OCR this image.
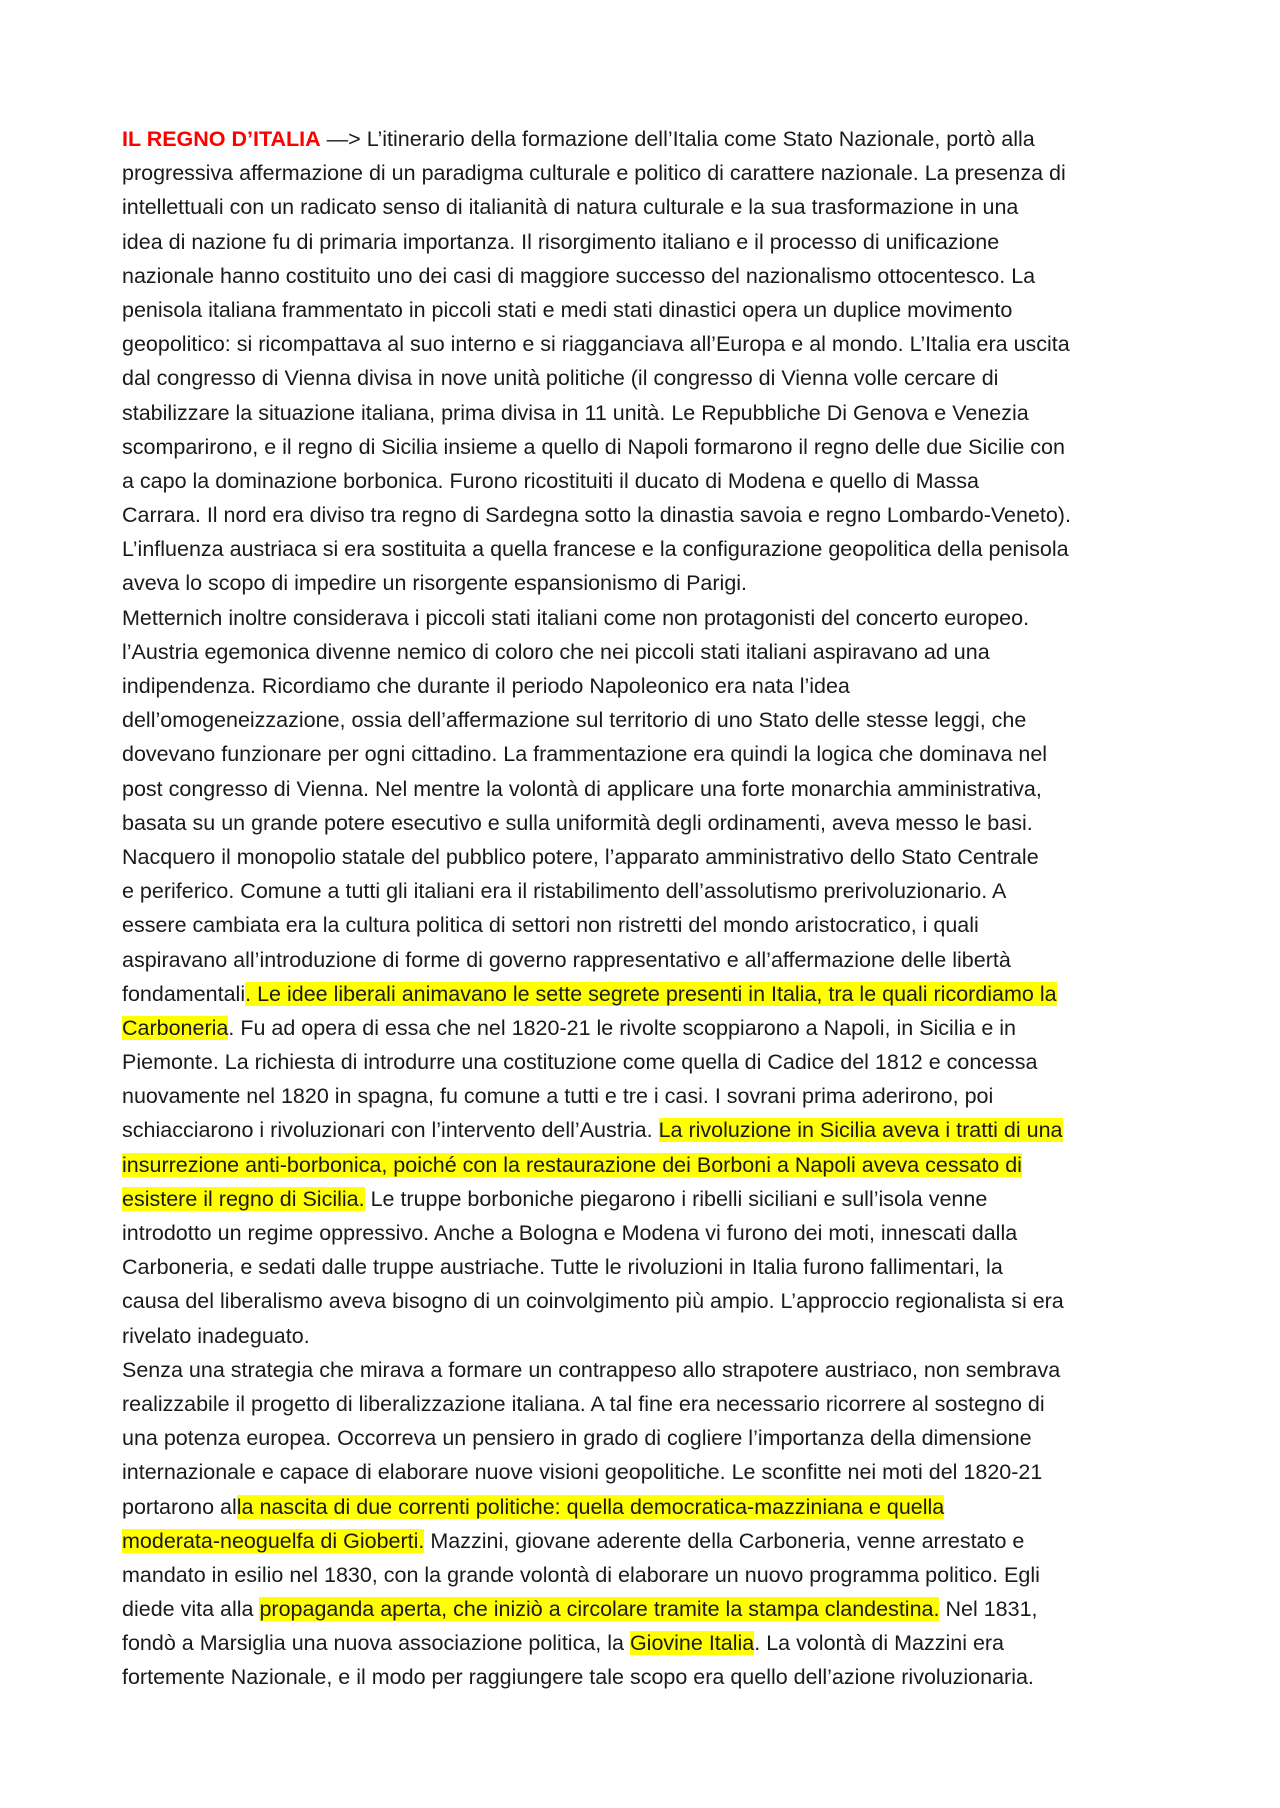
IL REGNO D’ITALIA —> L’itinerario della formazione dell’Italia come Stato Nazionale, portò alla
progressiva affermazione di un paradigma culturale e politico di carattere nazionale. La presenza di
intellettuali con un radicato senso di italianità di natura culturale e la sua trasformazione in una
idea di nazione fu di primaria importanza. Il risorgimento italiano e il processo di unificazione
nazionale hanno costituito uno dei casi di maggiore successo del nazionalismo ottocentesco. La
penisola italiana frammentato in piccoli stati e medi stati dinastici opera un duplice movimento
geopolitico: si ricompattava al suo interno e si riagganciava all’Europa e al mondo. L’Italia era uscita
dal congresso di Vienna divisa in nove unità politiche (il congresso di Vienna volle cercare di
stabilizzare la situazione italiana, prima divisa in 11 unità. Le Repubbliche Di Genova e Venezia
scomparirono, e il regno di Sicilia insieme a quello di Napoli formarono il regno delle due Sicilie con
a capo la dominazione borbonica. Furono ricostituiti il ducato di Modena e quello di Massa
Carrara. Il nord era diviso tra regno di Sardegna sotto la dinastia savoia e regno Lombardo-Veneto).
L’influenza austriaca si era sostituita a quella francese e la configurazione geopolitica della penisola
aveva lo scopo di impedire un risorgente espansionismo di Parigi.
Metternich inoltre considerava i piccoli stati italiani come non protagonisti del concerto europeo.
l’Austria egemonica divenne nemico di coloro che nei piccoli stati italiani aspiravano ad una
indipendenza. Ricordiamo che durante il periodo Napoleonico era nata l’idea
dell’omogeneizzazione, ossia dell’affermazione sul territorio di uno Stato delle stesse leggi, che
dovevano funzionare per ogni cittadino. La frammentazione era quindi la logica che dominava nel
post congresso di Vienna. Nel mentre la volontà di applicare una forte monarchia amministrativa,
basata su un grande potere esecutivo e sulla uniformità degli ordinamenti, aveva messo le basi.
Nacquero il monopolio statale del pubblico potere, l’apparato amministrativo dello Stato Centrale
e periferico. Comune a tutti gli italiani era il ristabilimento dell’assolutismo prerivoluzionario. A
essere cambiata era la cultura politica di settori non ristretti del mondo aristocratico, i quali
aspiravano all’introduzione di forme di governo rappresentativo e all’affermazione delle libertà
fondamentali. Le idee liberali animavano le sette segrete presenti in Italia, tra le quali ricordiamo la
Carboneria. Fu ad opera di essa che nel 1820-21 le rivolte scoppiarono a Napoli, in Sicilia e in
Piemonte. La richiesta di introdurre una costituzione come quella di Cadice del 1812 e concessa
nuovamente nel 1820 in spagna, fu comune a tutti e tre i casi. I sovrani prima aderirono, poi
schiacciarono i rivoluzionari con l’intervento dell’Austria. La rivoluzione in Sicilia aveva i tratti di una
insurrezione anti-borbonica, poiché con la restaurazione dei Borboni a Napoli aveva cessato di
esistere il regno di Sicilia. Le truppe borboniche piegarono i ribelli siciliani e sull’isola venne
introdotto un regime oppressivo. Anche a Bologna e Modena vi furono dei moti, innescati dalla
Carboneria, e sedati dalle truppe austriache. Tutte le rivoluzioni in Italia furono fallimentari, la
causa del liberalismo aveva bisogno di un coinvolgimento più ampio. L’approccio regionalista si era
rivelato inadeguato.
Senza una strategia che mirava a formare un contrappeso allo strapotere austriaco, non sembrava
realizzabile il progetto di liberalizzazione italiana. A tal fine era necessario ricorrere al sostegno di
una potenza europea. Occorreva un pensiero in grado di cogliere l’importanza della dimensione
internazionale e capace di elaborare nuove visioni geopolitiche. Le sconfitte nei moti del 1820-21
portarono alla nascita di due correnti politiche: quella democratica-mazziniana e quella
moderata-neoguelfa di Gioberti. Mazzini, giovane aderente della Carboneria, venne arrestato e
mandato in esilio nel 1830, con la grande volontà di elaborare un nuovo programma politico. Egli
diede vita alla propaganda aperta, che iniziò a circolare tramite la stampa clandestina. Nel 1831,
fondò a Marsiglia una nuova associazione politica, la Giovine Italia. La volontà di Mazzini era
fortemente Nazionale, e il modo per raggiungere tale scopo era quello dell’azione rivoluzionaria.
